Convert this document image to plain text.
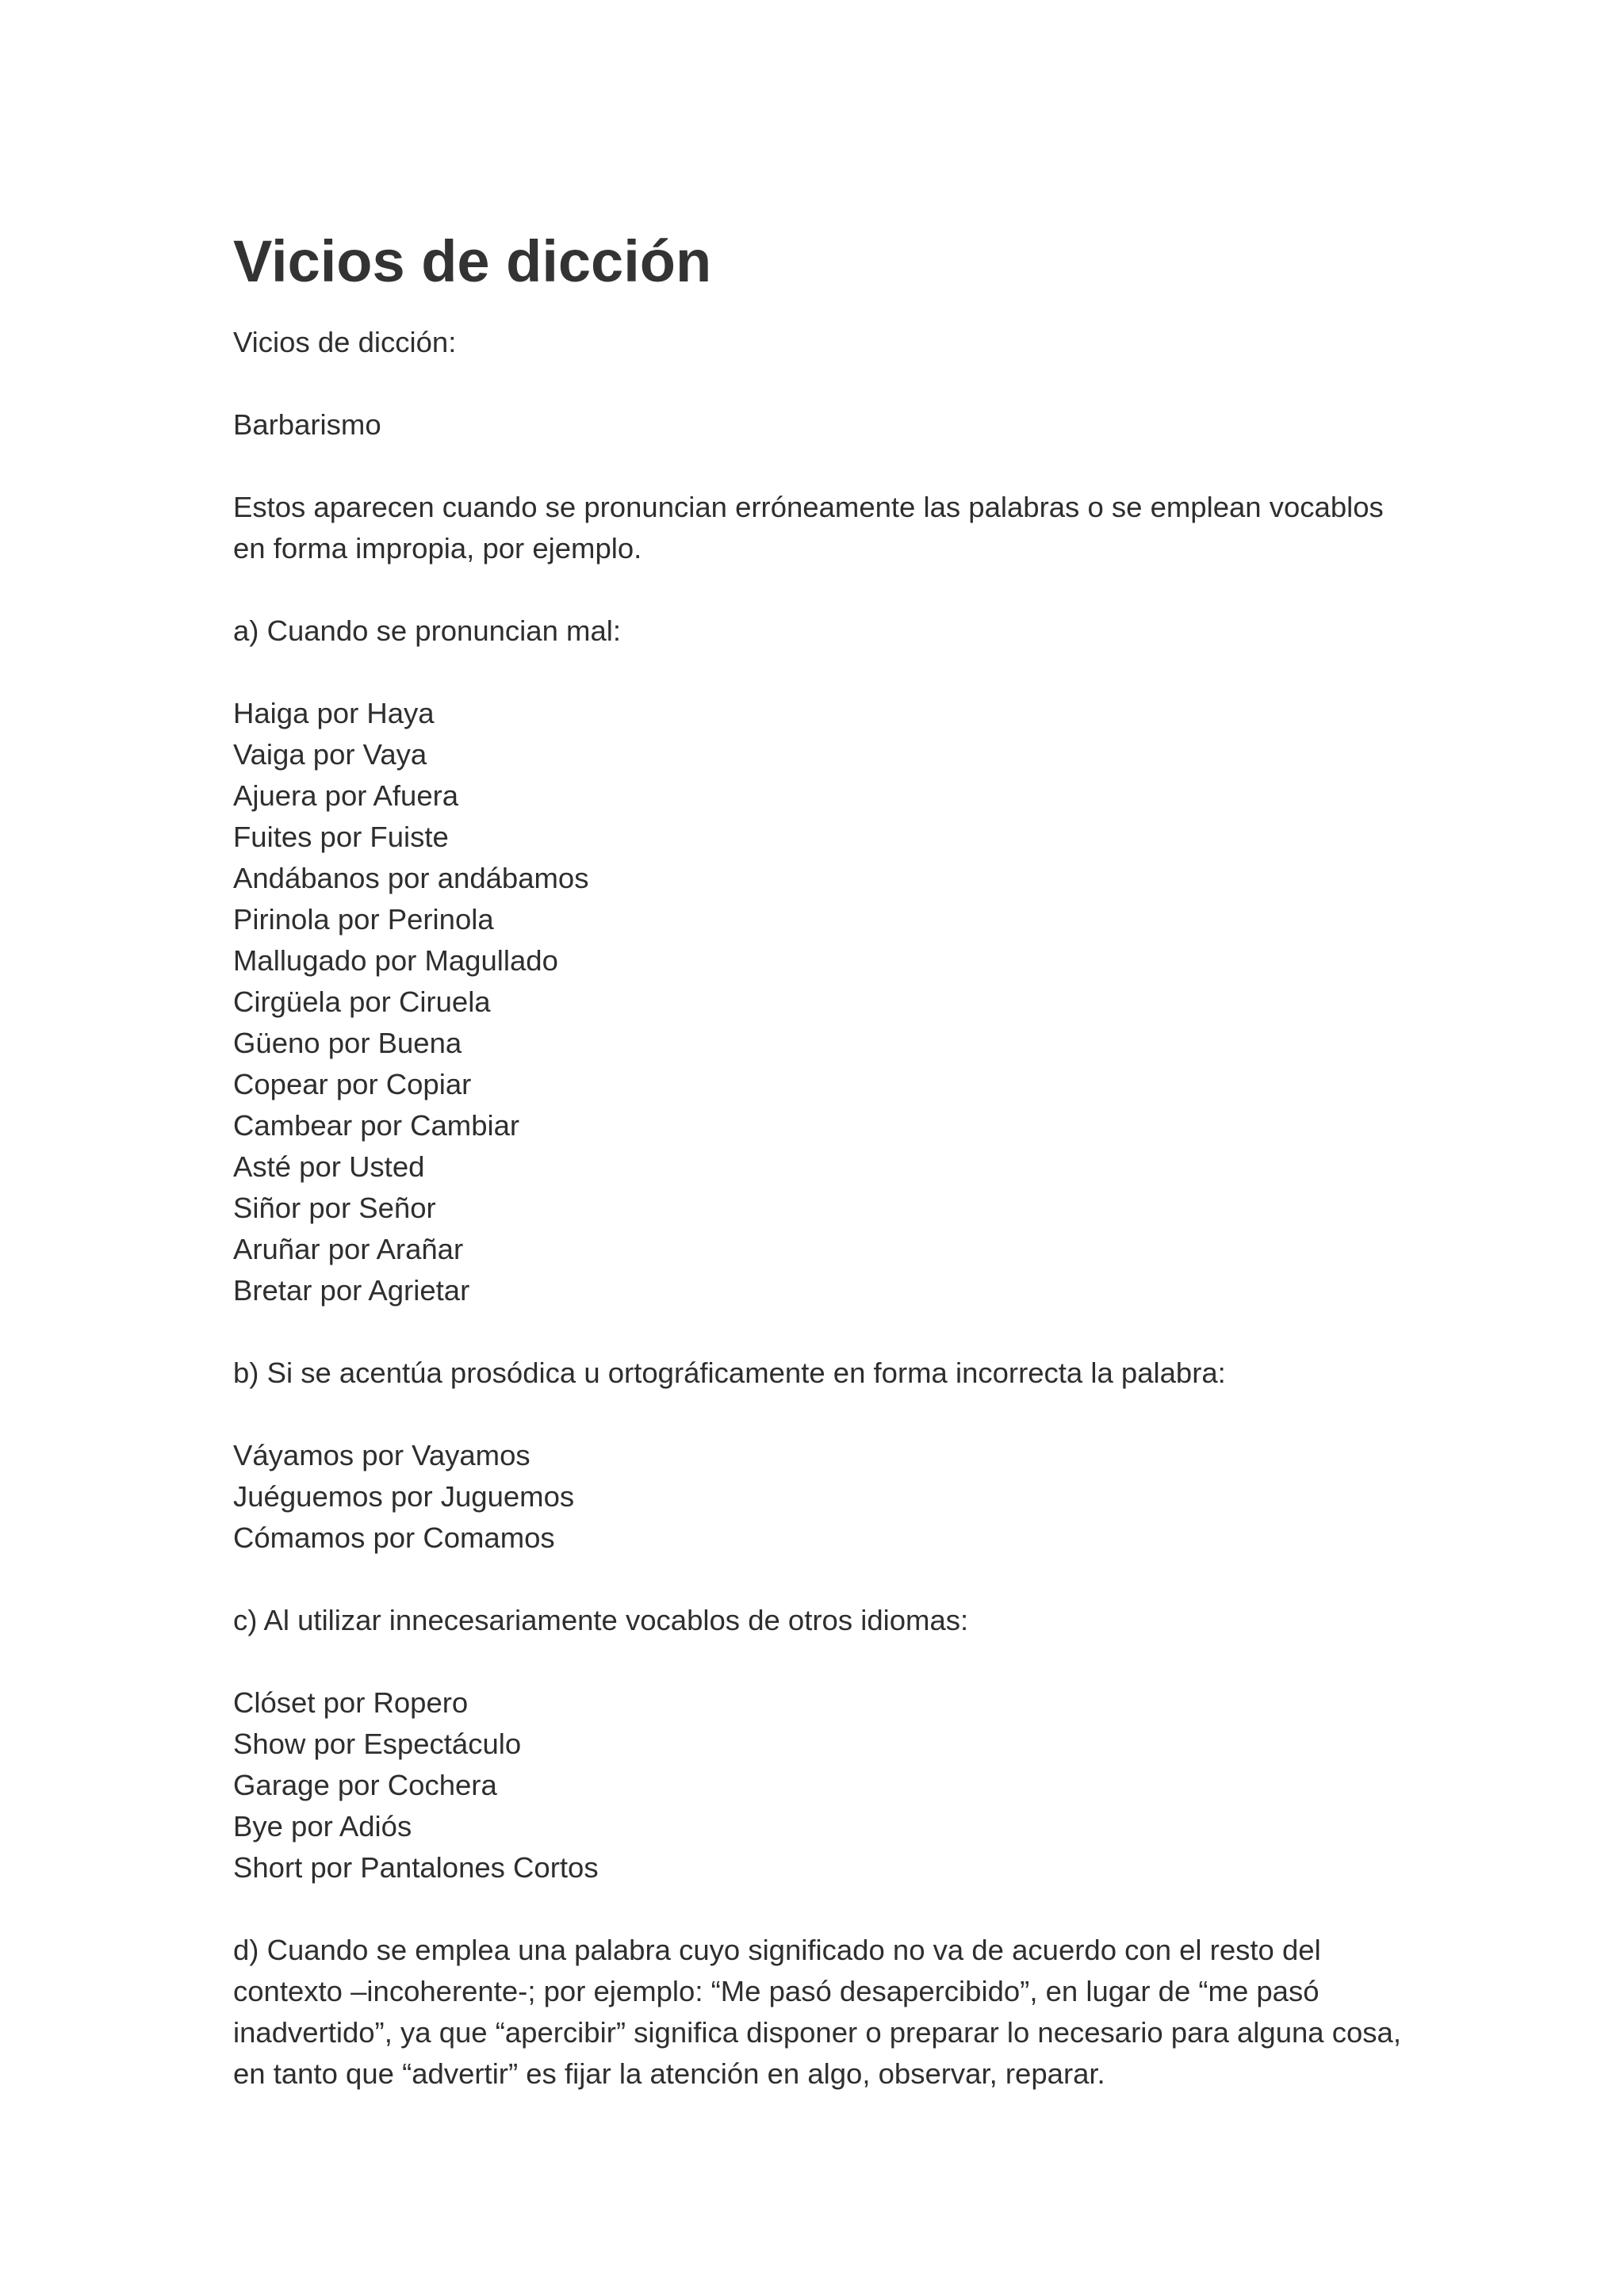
Vicios de dicción

Vicios de dicción:

Barbarismo

Estos aparecen cuando se pronuncian erróneamente las palabras o se emplean vocablos

en forma impropia, por ejemplo.

a) Cuando se pronuncian mal:

Haiga por Haya

Vaiga por Vaya

Ajuera por Afuera

Fuites por Fuiste

Andábanos por andábamos

Pirinola por Perinola

Mallugado por Magullado

Cirgüela por Ciruela

Güeno por Buena

Copear por Copiar

Cambear por Cambiar

Asté por Usted

Siñor por Señor

Aruñar por Arañar

Bretar por Agrietar

b) Si se acentúa prosódica u ortográficamente en forma incorrecta la palabra:

Váyamos por Vayamos

Juéguemos por Juguemos

Cómamos por Comamos

c) Al utilizar innecesariamente vocablos de otros idiomas:

Clóset por Ropero

Show por Espectáculo

Garage por Cochera

Bye por Adiós

Short por Pantalones Cortos

d) Cuando se emplea una palabra cuyo significado no va de acuerdo con el resto del

contexto –incoherente-; por ejemplo: “Me pasó desapercibido”, en lugar de “me pasó

inadvertido”, ya que “apercibir” significa disponer o preparar lo necesario para alguna cosa,

en tanto que “advertir” es fijar la atención en algo, observar, reparar.
